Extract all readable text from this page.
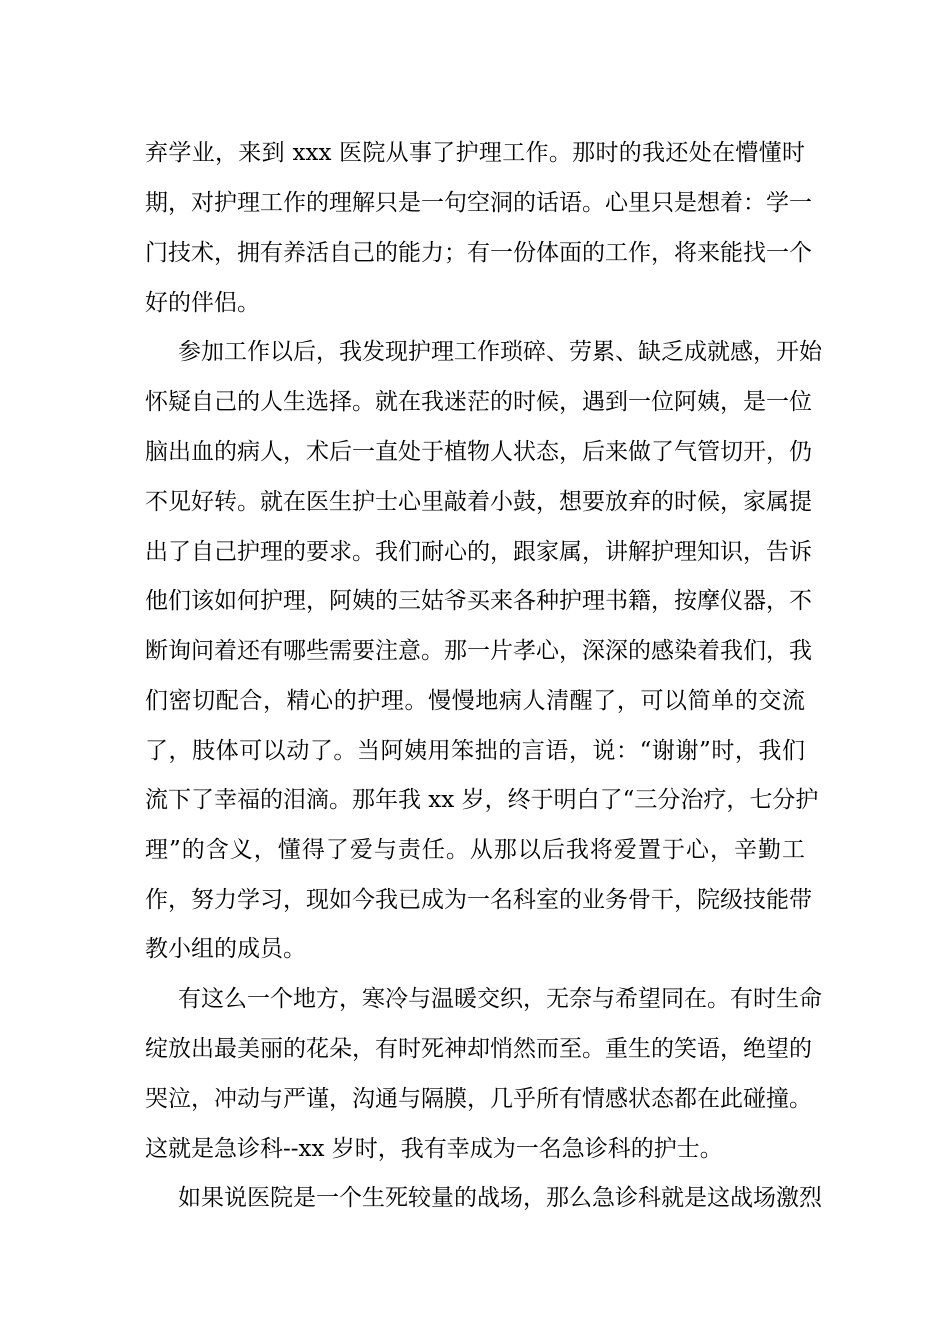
弃学业，来到 xxx 医院从事了护理工作。那时的我还处在懵懂时
期，对护理工作的理解只是一句空洞的话语。心里只是想着：学一
门技术，拥有养活自己的能力；有一份体面的工作，将来能找一个
好的伴侣。
参加工作以后，我发现护理工作琐碎、劳累、缺乏成就感，开始
怀疑自己的人生选择。就在我迷茫的时候，遇到一位阿姨，是一位
脑出血的病人，术后一直处于植物人状态，后来做了气管切开，仍
不见好转。就在医生护士心里敲着小鼓，想要放弃的时候，家属提
出了自己护理的要求。我们耐心的，跟家属，讲解护理知识，告诉
他们该如何护理，阿姨的三姑爷买来各种护理书籍，按摩仪器，不
断询问着还有哪些需要注意。那一片孝心，深深的感染着我们，我
们密切配合，精心的护理。慢慢地病人清醒了，可以简单的交流
了，肢体可以动了。当阿姨用笨拙的言语，说：“谢谢”时，我们
流下了幸福的泪滴。那年我 xx 岁，终于明白了“三分治疗，七分护
理”的含义，懂得了爱与责任。从那以后我将爱置于心，辛勤工
作，努力学习，现如今我已成为一名科室的业务骨干，院级技能带
教小组的成员。
有这么一个地方，寒冷与温暖交织，无奈与希望同在。有时生命
绽放出最美丽的花朵，有时死神却悄然而至。重生的笑语，绝望的
哭泣，冲动与严谨，沟通与隔膜，几乎所有情感状态都在此碰撞。
这就是急诊科--xx 岁时，我有幸成为一名急诊科的护士。
如果说医院是一个生死较量的战场，那么急诊科就是这战场激烈
